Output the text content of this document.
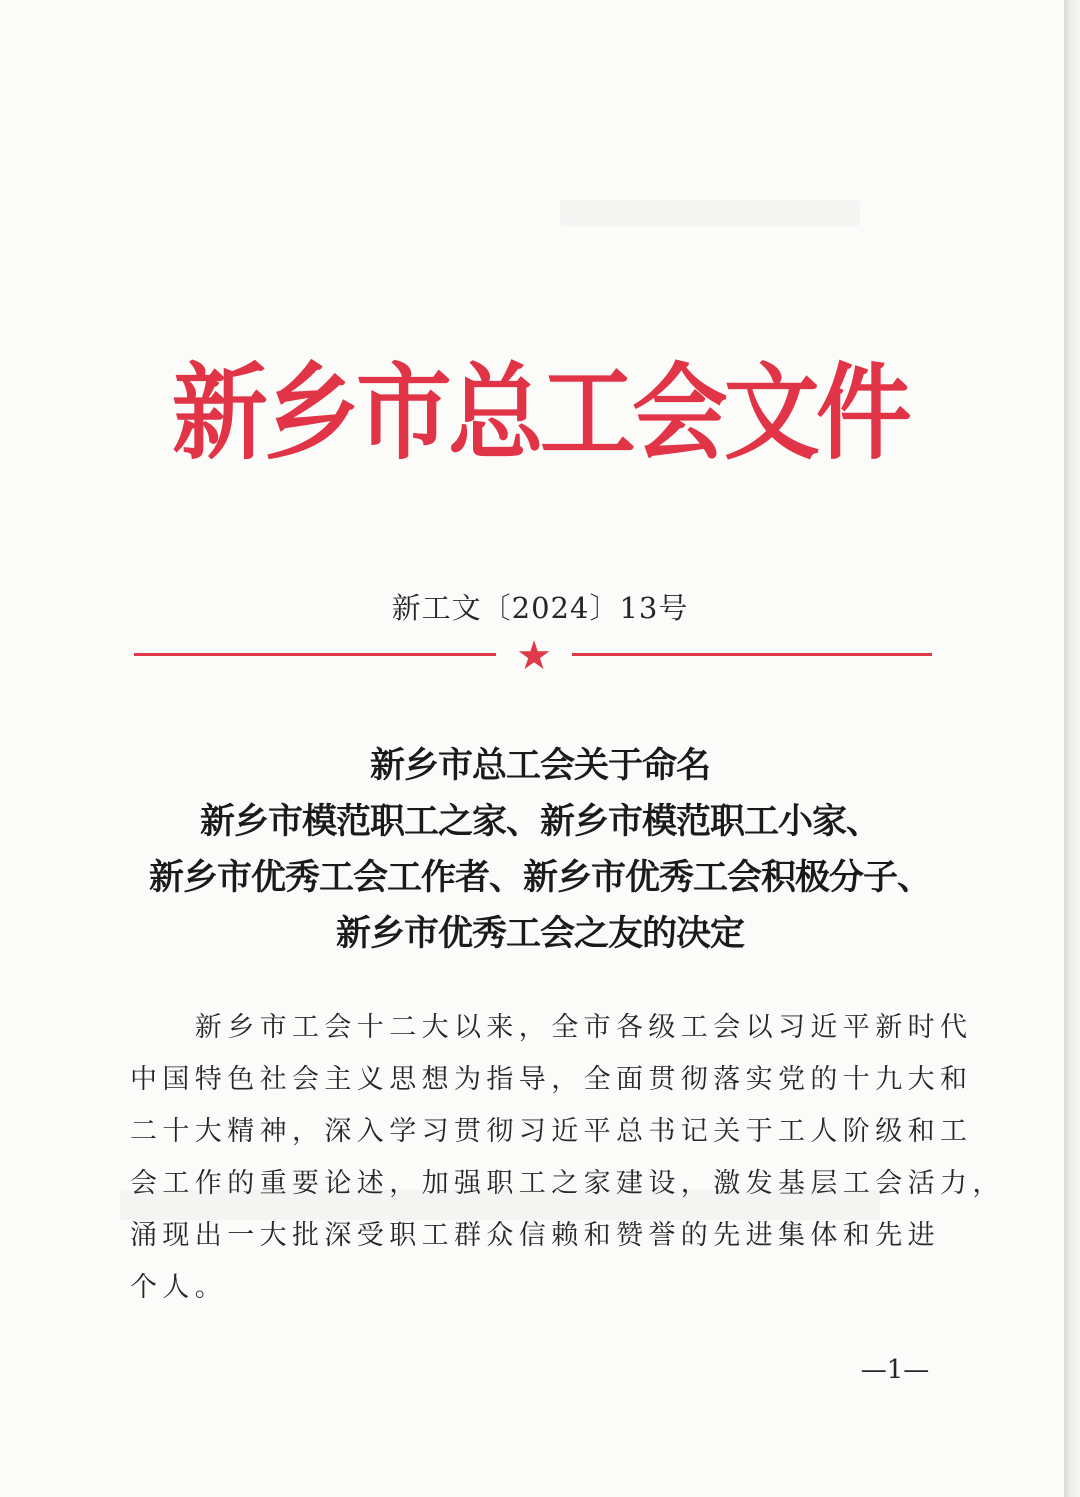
新乡市总工会文件
新工文〔2024〕13号
★
新乡市总工会关于命名
新乡市模范职工之家、新乡市模范职工小家、
新乡市优秀工会工作者、新乡市优秀工会积极分子、
新乡市优秀工会之友的决定
　　新乡市工会十二大以来，全市各级工会以习近平新时代
中国特色社会主义思想为指导，全面贯彻落实党的十九大和
二十大精神，深入学习贯彻习近平总书记关于工人阶级和工
会工作的重要论述，加强职工之家建设，激发基层工会活力，
涌现出一大批深受职工群众信赖和赞誉的先进集体和先进
个人。
—1—
